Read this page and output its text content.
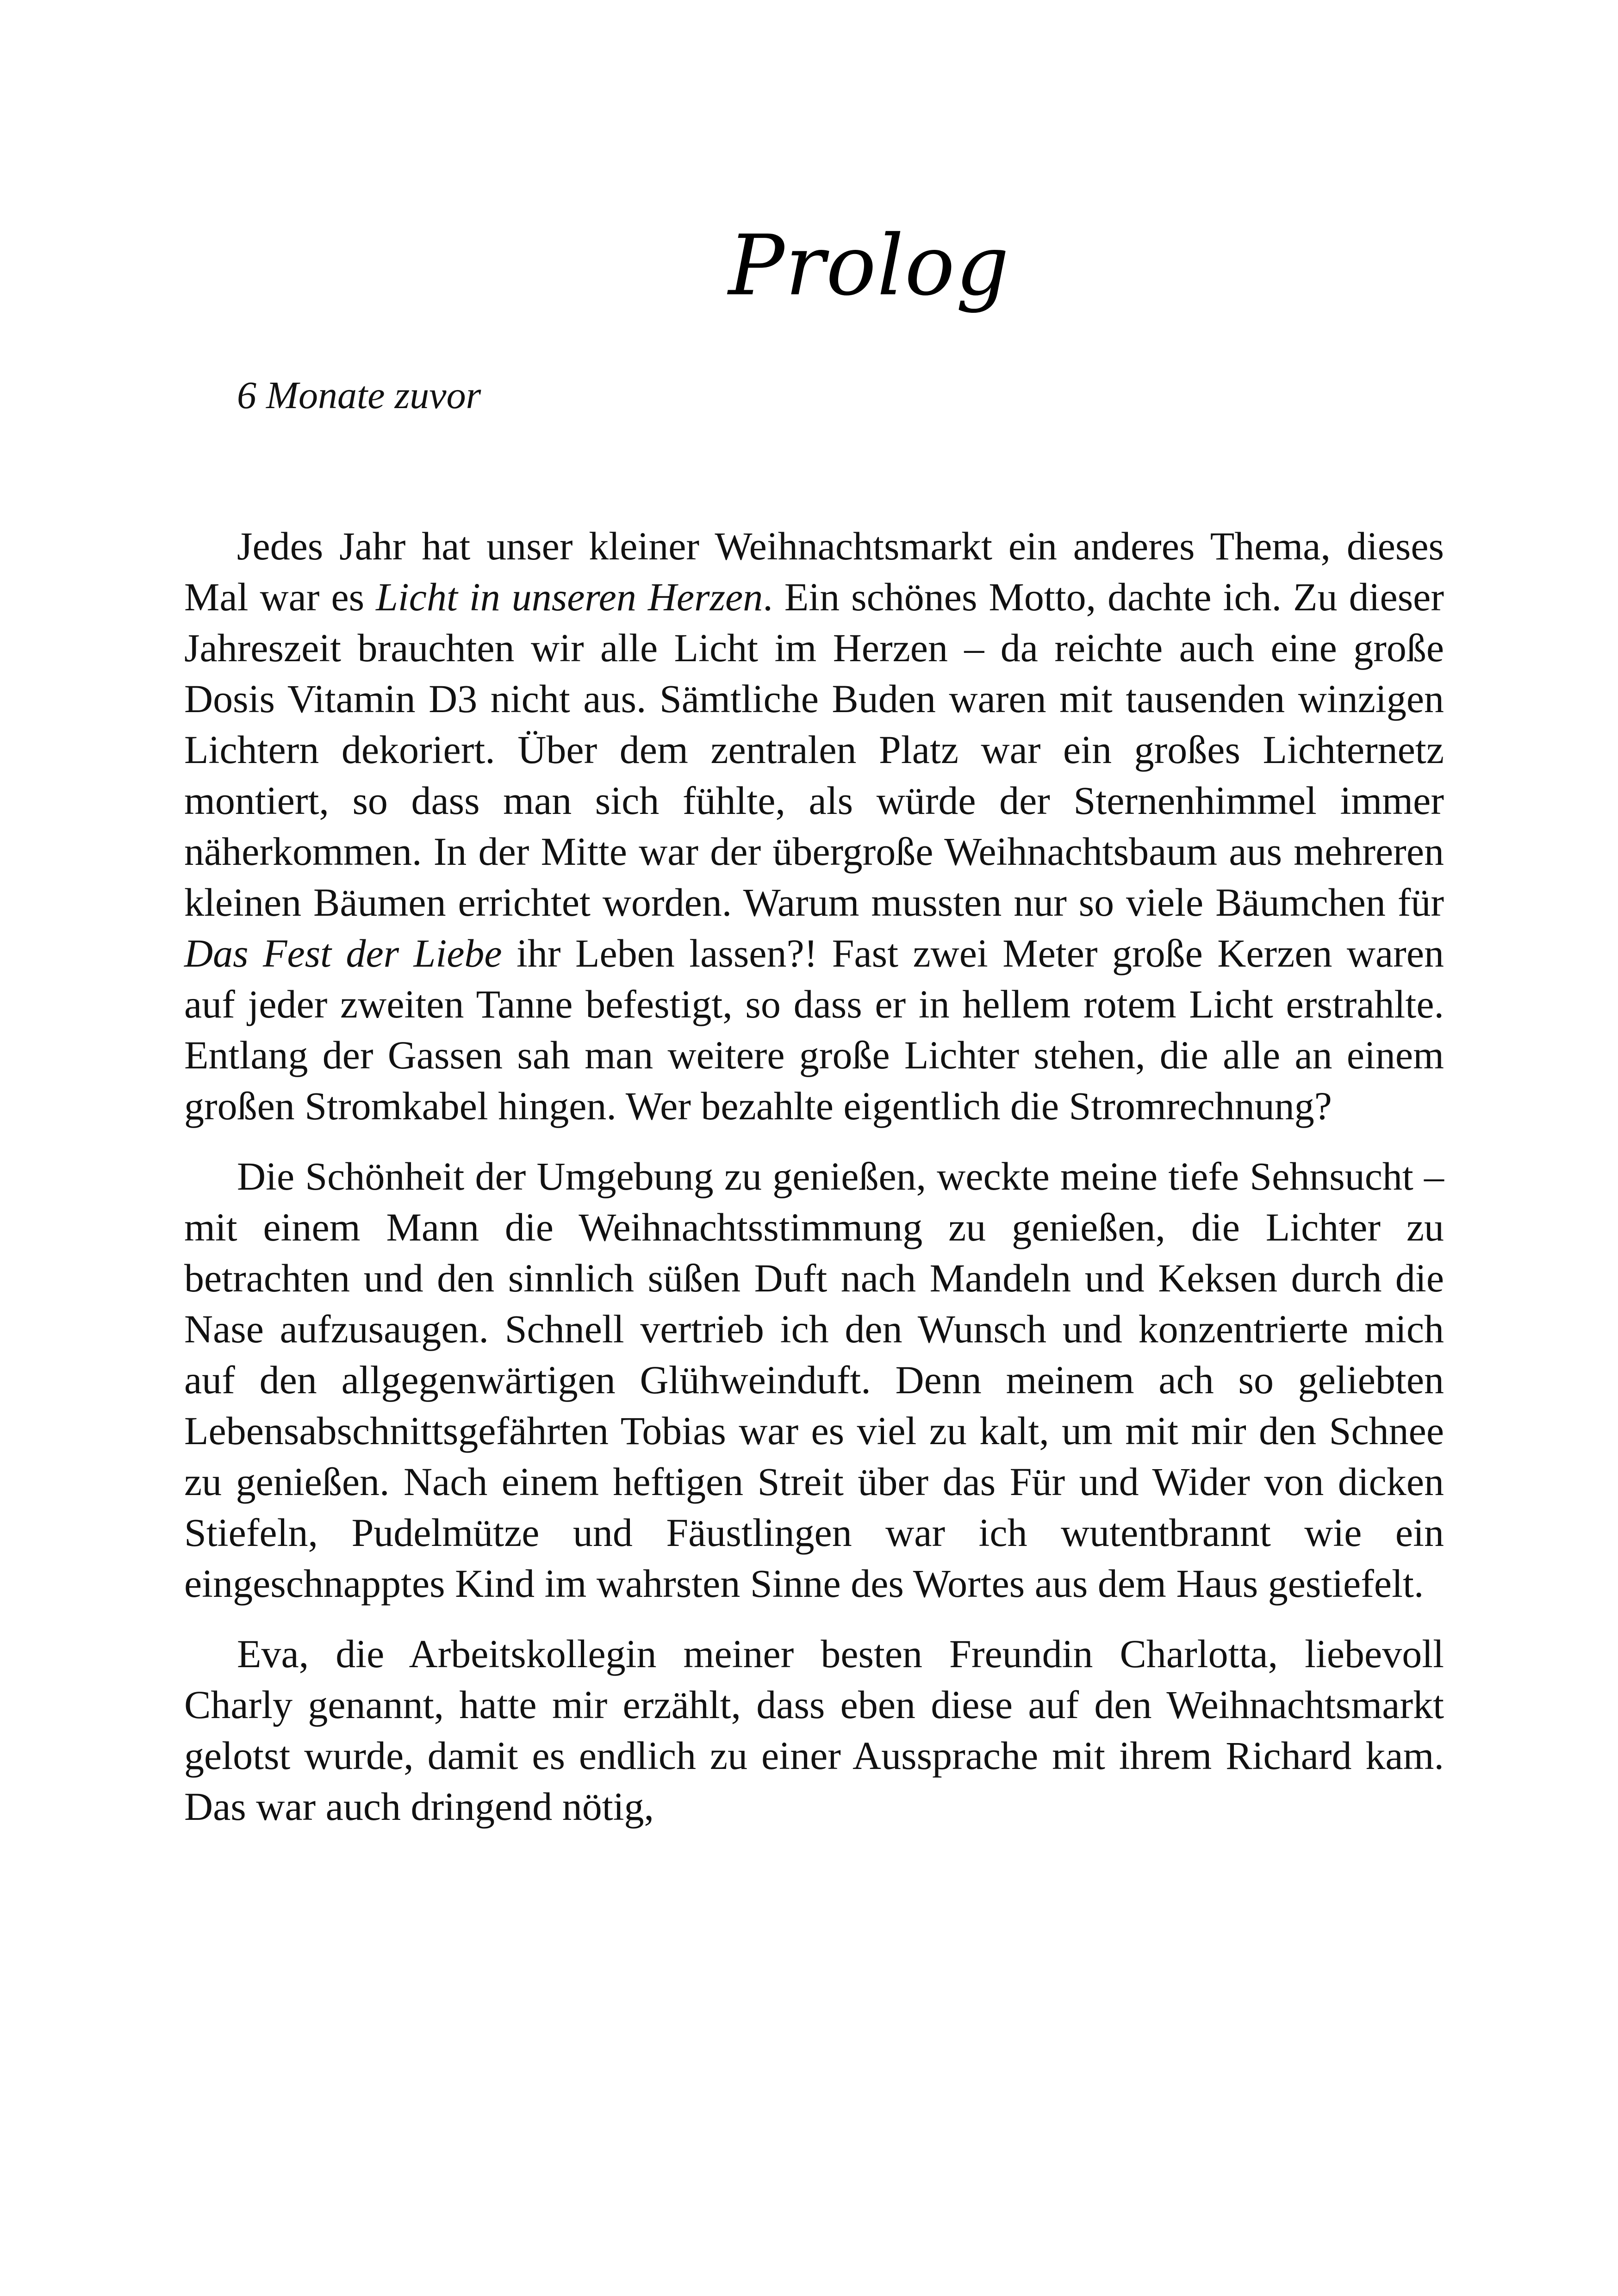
Prolog
6 Monate zuvor

Jedes Jahr hat unser kleiner Weihnachtsmarkt ein anderes Thema, dieses Mal war es Licht in unseren Herzen. Ein schönes Motto, dachte ich. Zu dieser Jahreszeit brauchten wir alle Licht im Herzen – da reichte auch eine große Dosis Vitamin D3 nicht aus. Sämtliche Buden waren mit tausenden winzigen Lichtern dekoriert. Über dem zentralen Platz war ein großes Lichternetz montiert, so dass man sich fühlte, als würde der Sternenhimmel immer näherkommen. In der Mitte war der übergroße Weihnachtsbaum aus mehreren kleinen Bäumen errichtet worden. Warum mussten nur so viele Bäumchen für Das Fest der Liebe ihr Leben lassen?! Fast zwei Meter große Kerzen waren auf jeder zweiten Tanne befestigt, so dass er in hellem rotem Licht erstrahlte. Entlang der Gassen sah man weitere große Lichter stehen, die alle an einem großen Stromkabel hingen. Wer bezahlte eigentlich die Stromrechnung?

Die Schönheit der Umgebung zu genießen, weckte meine tiefe Sehnsucht – mit einem Mann die Weihnachtsstimmung zu genießen, die Lichter zu betrachten und den sinnlich süßen Duft nach Mandeln und Keksen durch die Nase aufzusaugen. Schnell vertrieb ich den Wunsch und konzentrierte mich auf den allgegenwärtigen Glühweinduft. Denn meinem ach so geliebten Lebensabschnittsgefährten Tobias war es viel zu kalt, um mit mir den Schnee zu genießen. Nach einem heftigen Streit über das Für und Wider von dicken Stiefeln, Pudelmütze und Fäustlingen war ich wutentbrannt wie ein eingeschnapptes Kind im wahrsten Sinne des Wortes aus dem Haus gestiefelt.

Eva, die Arbeitskollegin meiner besten Freundin Charlotta, liebevoll Charly genannt, hatte mir erzählt, dass eben diese auf den Weihnachtsmarkt gelotst wurde, damit es endlich zu einer Aussprache mit ihrem Richard kam. Das war auch dringend nötig,
